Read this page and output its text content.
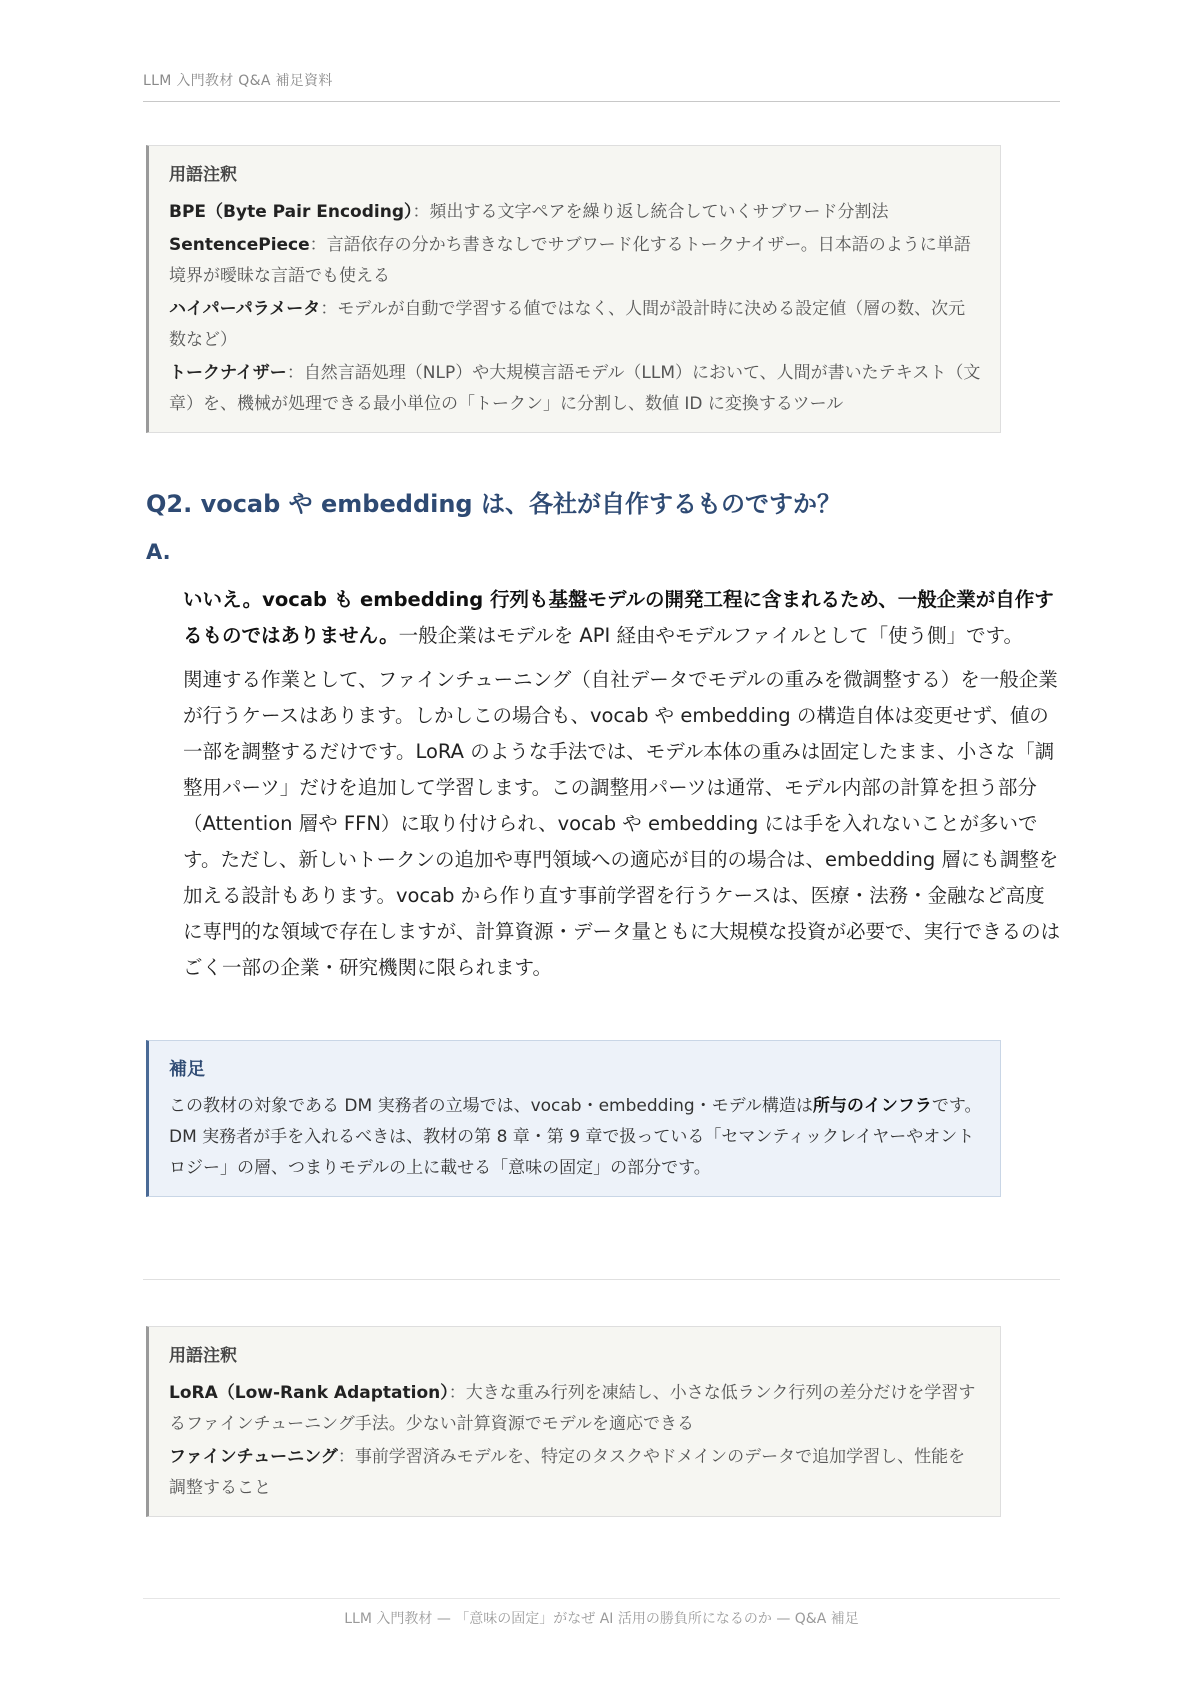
LLM 入門教材 Q&A 補足資料
用語注釈
BPE（Byte Pair Encoding）：頻出する文字ペアを繰り返し統合していくサブワード分割法
SentencePiece：言語依存の分かち書きなしでサブワード化するトークナイザー。日本語のように単語境界が曖昧な言語でも使える
ハイパーパラメータ：モデルが自動で学習する値ではなく、人間が設計時に決める設定値（層の数、次元数など）
トークナイザー：自然言語処理（NLP）や大規模言語モデル（LLM）において、人間が書いたテキスト（文章）を、機械が処理できる最小単位の「トークン」に分割し、数値 ID に変換するツール
Q2. vocab や embedding は、各社が自作するものですか？
A.

いいえ。vocab も embedding 行列も基盤モデルの開発工程に含まれるため、一般企業が自作するものではありません。一般企業はモデルを API 経由やモデルファイルとして「使う側」です。

関連する作業として、ファインチューニング（自社データでモデルの重みを微調整する）を一般企業が行うケースはあります。しかしこの場合も、vocab や embedding の構造自体は変更せず、値の一部を調整するだけです。LoRA のような手法では、モデル本体の重みは固定したまま、小さな「調整用パーツ」だけを追加して学習します。この調整用パーツは通常、モデル内部の計算を担う部分（Attention 層や FFN）に取り付けられ、vocab や embedding には手を入れないことが多いです。ただし、新しいトークンの追加や専門領域への適応が目的の場合は、embedding 層にも調整を加える設計もあります。vocab から作り直す事前学習を行うケースは、医療・法務・金融など高度に専門的な領域で存在しますが、計算資源・データ量ともに大規模な投資が必要で、実行できるのはごく一部の企業・研究機関に限られます。

補足
この教材の対象である DM 実務者の立場では、vocab・embedding・モデル構造は所与のインフラです。DM 実務者が手を入れるべきは、教材の第 8 章・第 9 章で扱っている「セマンティックレイヤーやオントロジー」の層、つまりモデルの上に載せる「意味の固定」の部分です。
用語注釈
LoRA（Low-Rank Adaptation）：大きな重み行列を凍結し、小さな低ランク行列の差分だけを学習するファインチューニング手法。少ない計算資源でモデルを適応できる
ファインチューニング：事前学習済みモデルを、特定のタスクやドメインのデータで追加学習し、性能を調整すること
LLM 入門教材 — 「意味の固定」がなぜ AI 活用の勝負所になるのか — Q&A 補足
